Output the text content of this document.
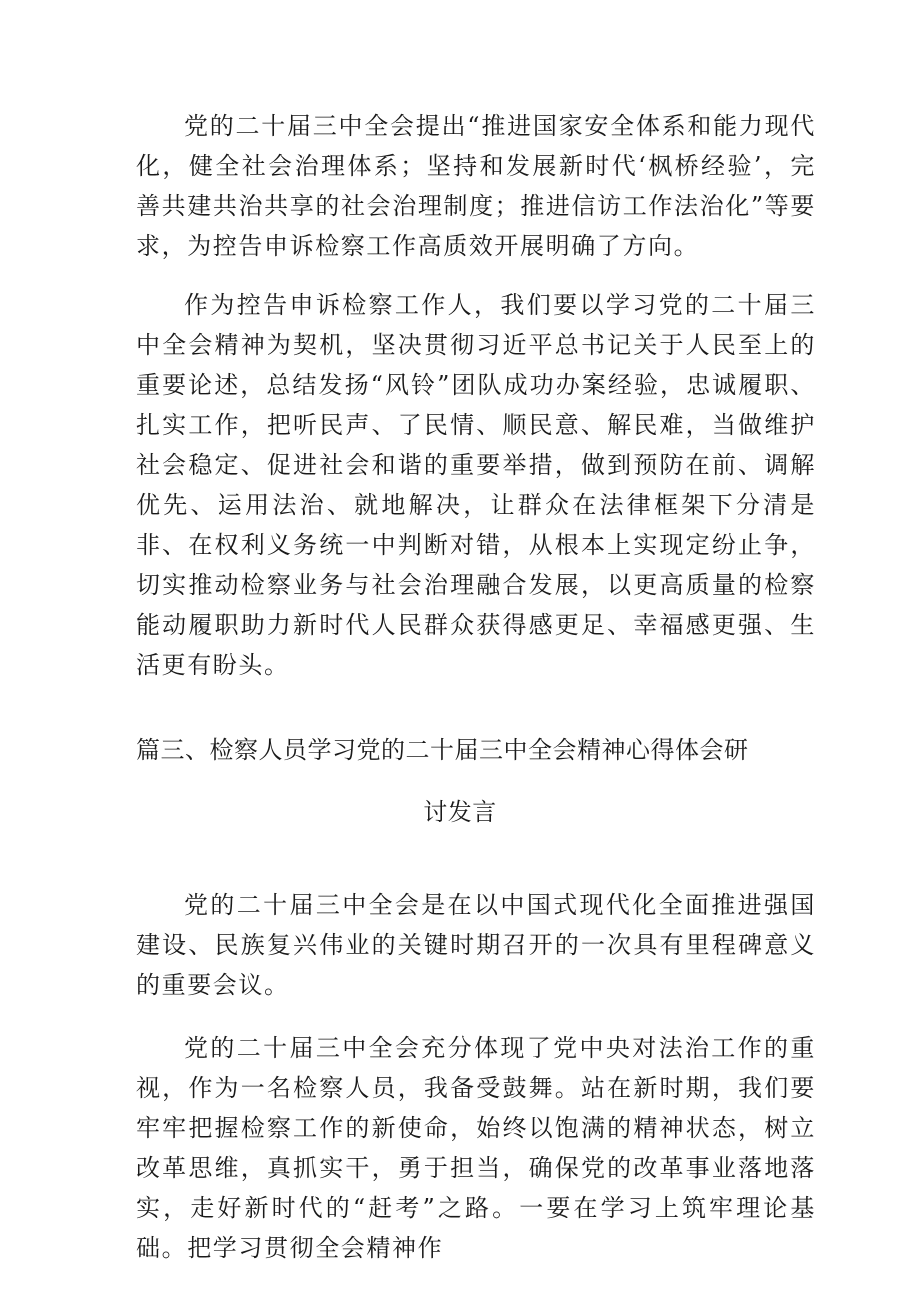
党的二十届三中全会提出“推进国家安全体系和能力现代化，健全社会治理体系；坚持和发展新时代‘枫桥经验’，完善共建共治共享的社会治理制度；推进信访工作法治化”等要求，为控告申诉检察工作高质效开展明确了方向。

作为控告申诉检察工作人，我们要以学习党的二十届三中全会精神为契机，坚决贯彻习近平总书记关于人民至上的重要论述，总结发扬“风铃”团队成功办案经验，忠诚履职、扎实工作，把听民声、了民情、顺民意、解民难，当做维护社会稳定、促进社会和谐的重要举措，做到预防在前、调解优先、运用法治、就地解决，让群众在法律框架下分清是非、在权利义务统一中判断对错，从根本上实现定纷止争，切实推动检察业务与社会治理融合发展，以更高质量的检察能动履职助力新时代人民群众获得感更足、幸福感更强、生活更有盼头。

篇三、检察人员学习党的二十届三中全会精神心得体会研
讨发言

党的二十届三中全会是在以中国式现代化全面推进强国建设、民族复兴伟业的关键时期召开的一次具有里程碑意义的重要会议。

党的二十届三中全会充分体现了党中央对法治工作的重视，作为一名检察人员，我备受鼓舞。站在新时期，我们要牢牢把握检察工作的新使命，始终以饱满的精神状态，树立改革思维，真抓实干，勇于担当，确保党的改革事业落地落实，走好新时代的“赶考”之路。一要在学习上筑牢理论基础。把学习贯彻全会精神作
